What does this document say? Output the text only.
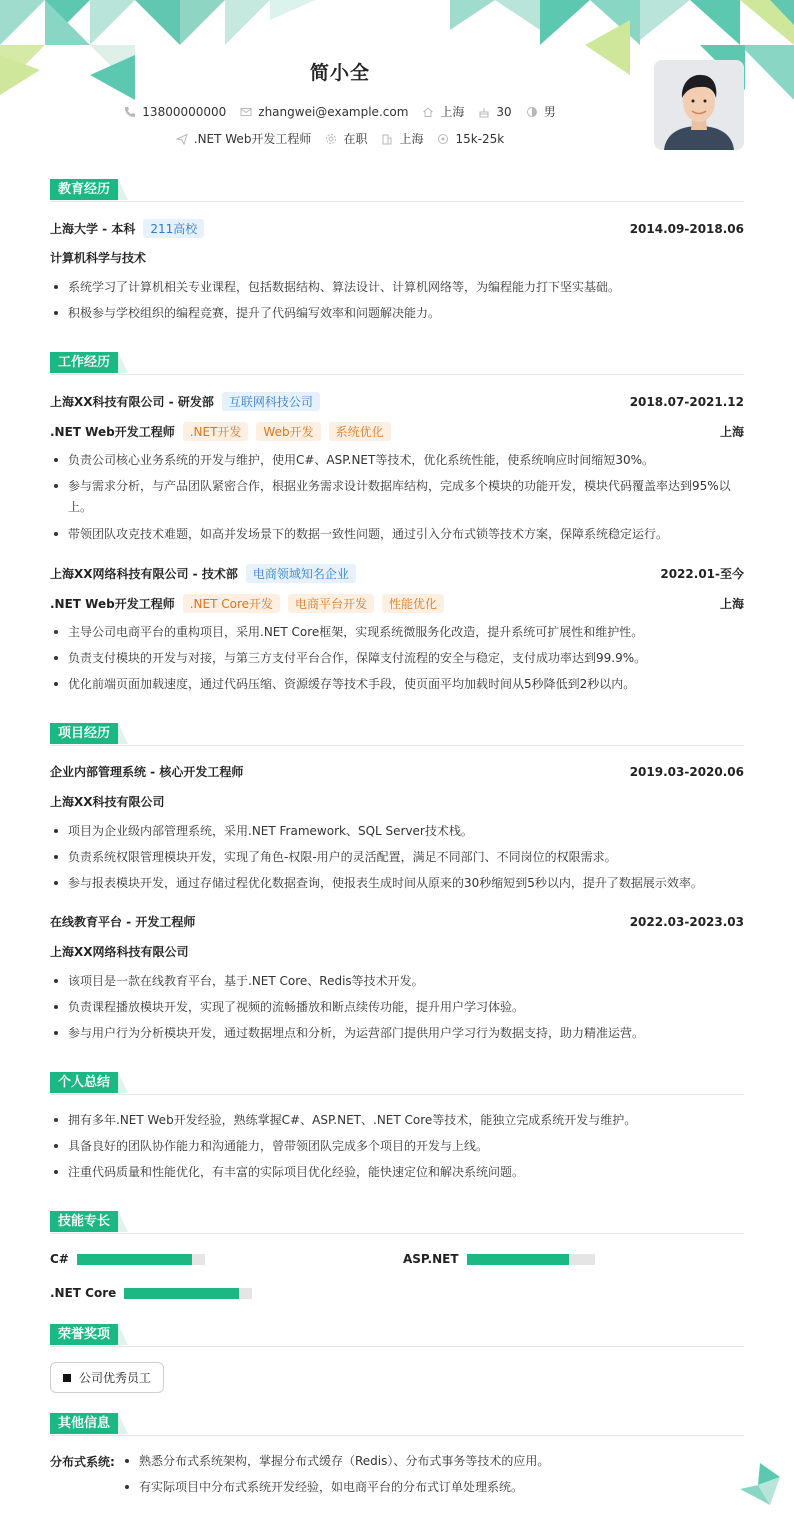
简小全
13800000000	zhangwei@example.com	上海	30	男
.NET Web开发工程师	在职	上海	15k-25k
教育经历
上海大学 - 本科	211高校	2014.09-2018.06
计算机科学与技术
系统学习了计算机相关专业课程，包括数据结构、算法设计、计算机网络等，为编程能力打下坚实基础。
积极参与学校组织的编程竞赛，提升了代码编写效率和问题解决能力。
工作经历
上海XX科技有限公司 - 研发部	互联网科技公司	2018.07-2021.12
.NET Web开发工程师	.NET开发	Web开发	系统优化	上海
负责公司核心业务系统的开发与维护，使用C#、ASP.NET等技术，优化系统性能，使系统响应时间缩短30%。
参与需求分析，与产品团队紧密合作，根据业务需求设计数据库结构，完成多个模块的功能开发，模块代码覆盖率达到95%以上。
带领团队攻克技术难题，如高并发场景下的数据一致性问题，通过引入分布式锁等技术方案，保障系统稳定运行。
上海XX网络科技有限公司 - 技术部	电商领域知名企业	2022.01-至今
.NET Web开发工程师	.NET Core开发	电商平台开发	性能优化	上海
主导公司电商平台的重构项目，采用.NET Core框架，实现系统微服务化改造，提升系统可扩展性和维护性。
负责支付模块的开发与对接，与第三方支付平台合作，保障支付流程的安全与稳定，支付成功率达到99.9%。
优化前端页面加载速度，通过代码压缩、资源缓存等技术手段，使页面平均加载时间从5秒降低到2秒以内。
项目经历
企业内部管理系统 - 核心开发工程师	2019.03-2020.06
上海XX科技有限公司
项目为企业级内部管理系统，采用.NET Framework、SQL Server技术栈。
负责系统权限管理模块开发，实现了角色-权限-用户的灵活配置，满足不同部门、不同岗位的权限需求。
参与报表模块开发，通过存储过程优化数据查询，使报表生成时间从原来的30秒缩短到5秒以内，提升了数据展示效率。
在线教育平台 - 开发工程师	2022.03-2023.03
上海XX网络科技有限公司
该项目是一款在线教育平台，基于.NET Core、Redis等技术开发。
负责课程播放模块开发，实现了视频的流畅播放和断点续传功能，提升用户学习体验。
参与用户行为分析模块开发，通过数据埋点和分析，为运营部门提供用户学习行为数据支持，助力精准运营。
个人总结
拥有多年.NET Web开发经验，熟练掌握C#、ASP.NET、.NET Core等技术，能独立完成系统开发与维护。
具备良好的团队协作能力和沟通能力，曾带领团队完成多个项目的开发与上线。
注重代码质量和性能优化，有丰富的实际项目优化经验，能快速定位和解决系统问题。
技能专长
C#	ASP.NET
.NET Core
荣誉奖项
公司优秀员工
其他信息
分布式系统:	熟悉分布式系统架构，掌握分布式缓存（Redis）、分布式事务等技术的应用。
有实际项目中分布式系统开发经验，如电商平台的分布式订单处理系统。
